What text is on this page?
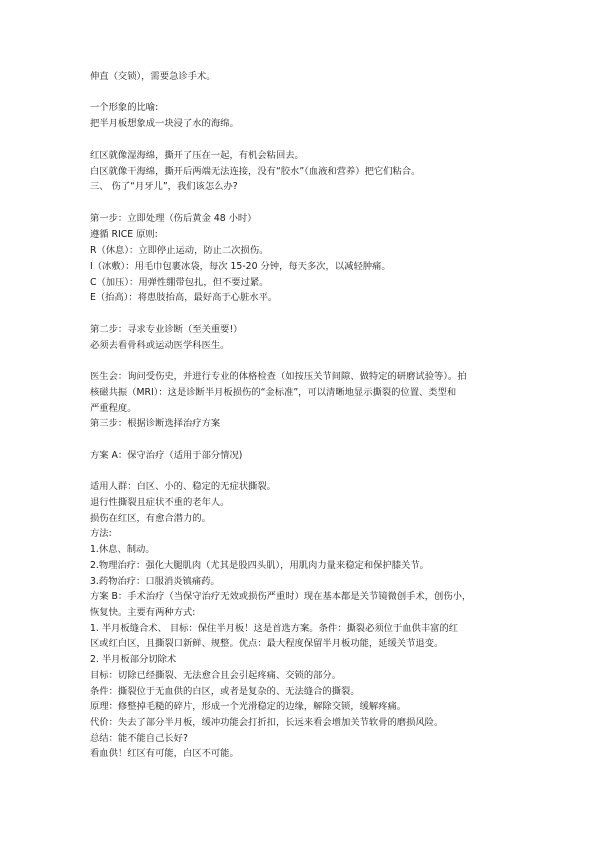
伸直（交锁），需要急诊手术。
一个形象的比喻:
把半月板想象成一块浸了水的海绵。
红区就像湿海绵，撕开了压在一起，有机会粘回去。
白区就像干海绵，撕开后两端无法连接，没有“胶水”（血液和营养）把它们粘合。
三、 伤了“月牙儿”，我们该怎么办?
第一步：立即处理（伤后黄金 48 小时）
遵循 RICE 原则:
R（休息）：立即停止运动，防止二次损伤。
I（冰敷）：用毛巾包裹冰袋，每次 15-20 分钟，每天多次，以减轻肿痛。
C（加压）：用弹性绷带包扎，但不要过紧。
E（抬高）：将患肢抬高，最好高于心脏水平。
第二步：寻求专业诊断（至关重要!）
必须去看骨科或运动医学科医生。
医生会：询问受伤史，并进行专业的体格检查（如按压关节间隙、做特定的研磨试验等）。拍
核磁共振（MRI）：这是诊断半月板损伤的“金标准”，可以清晰地显示撕裂的位置、类型和
严重程度。
第三步：根据诊断选择治疗方案
方案 A：保守治疗（适用于部分情况)
适用人群：白区、小的、稳定的无症状撕裂。
退行性撕裂且症状不重的老年人。
损伤在红区，有愈合潜力的。
方法:
1.休息、制动。
2.物理治疗：强化大腿肌肉（尤其是股四头肌），用肌肉力量来稳定和保护膝关节。
3.药物治疗：口服消炎镇痛药。
方案 B：手术治疗（当保守治疗无效或损伤严重时）现在基本都是关节镜微创手术，创伤小，
恢复快。主要有两种方式:
1. 半月板缝合术、 目标：保住半月板！这是首选方案。条件：撕裂必须位于血供丰富的红
区或红白区，且撕裂口新鲜、规整。优点：最大程度保留半月板功能，延缓关节退变。
2. 半月板部分切除术
目标：切除已经撕裂、无法愈合且会引起疼痛、交锁的部分。
条件：撕裂位于无血供的白区，或者是复杂的、无法缝合的撕裂。
原理：修整掉毛糙的碎片，形成一个光滑稳定的边缘，解除交锁，缓解疼痛。
代价：失去了部分半月板，缓冲功能会打折扣，长远来看会增加关节软骨的磨损风险。
总结：能不能自己长好?
看血供！红区有可能，白区不可能。
